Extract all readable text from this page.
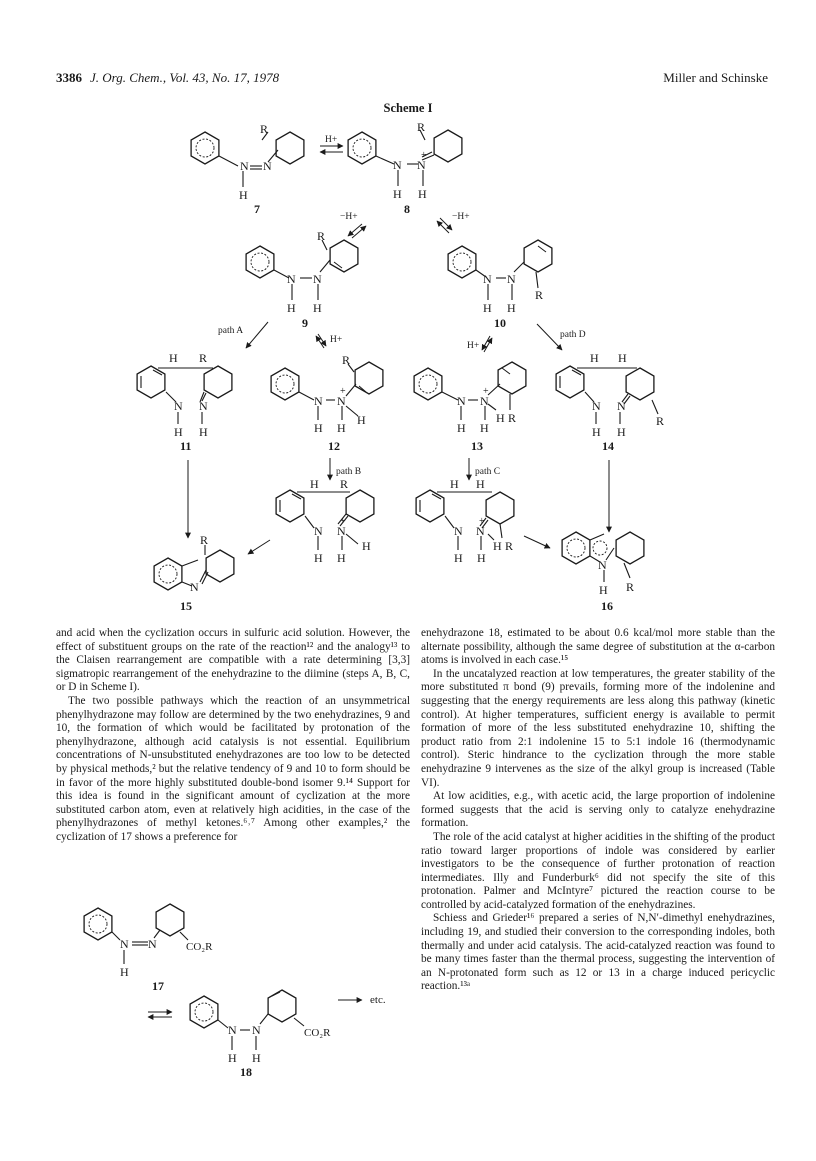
3386 J. Org. Chem., Vol. 43, No. 17, 1978	Miller and Schinske
Scheme I
N N
H
R
7
H+
N N
+
H H
R
8
−H+	−H+
N N
H H
R
9
N N
H H
R
10
path A
H+
H+
path D
H R
N N
H H
11
N N
+
H H
H
R
12
N N
+
H H
H R
13
H H
N N
H H
R
14
path B	path C
H R
N N
+
H H
H
H H
N N
+
H H
H R
R
N
15
N
H R
16
N N
H
CO₂R
17
N N
H H
CO₂R
18
etc.

and acid when the cyclization occurs in sulfuric acid solution. However, the effect of substituent groups on the rate of the reaction¹² and the analogy¹³ to the Claisen rearrangement are compatible with a rate determining [3,3] sigmatropic rearrangement of the enehydrazine to the diimine (steps A, B, C, or D in Scheme I).

The two possible pathways which the reaction of an unsymmetrical phenylhydrazone may follow are determined by the two enehydrazines, 9 and 10, the formation of which would be facilitated by protonation of the phenylhydrazone, although acid catalysis is not essential. Equilibrium concentrations of N-unsubstituted enehydrazones are too low to be detected by physical methods,² but the relative tendency of 9 and 10 to form should be in favor of the more highly substituted double-bond isomer 9.¹⁴ Support for this idea is found in the significant amount of cyclization at the more substituted carbon atom, even at relatively high acidities, in the case of the phenylhydrazones of methyl ketones.⁶˒⁷ Among other examples,² the cyclization of 17 shows a preference for

enehydrazone 18, estimated to be about 0.6 kcal/mol more stable than the alternate possibility, although the same degree of substitution at the α-carbon atoms is involved in each case.¹⁵

In the uncatalyzed reaction at low temperatures, the greater stability of the more substituted π bond (9) prevails, forming more of the indolenine and suggesting that the energy requirements are less along this pathway (kinetic control). At higher temperatures, sufficient energy is available to permit formation of more of the less substituted enehydrazine 10, shifting the product ratio from 2:1 indolenine 15 to 5:1 indole 16 (thermodynamic control). Steric hindrance to the cyclization through the more stable enehydrazine 9 intervenes as the size of the alkyl group is increased (Table VI).

At low acidities, e.g., with acetic acid, the large proportion of indolenine formed suggests that the acid is serving only to catalyze enehydrazine formation.

The role of the acid catalyst at higher acidities in the shifting of the product ratio toward larger proportions of indole was considered by earlier investigators to be the consequence of further protonation of reaction intermediates. Illy and Funderburk⁶ did not specify the site of this protonation. Palmer and McIntyre⁷ pictured the reaction course to be controlled by acid-catalyzed formation of the enehydrazines.

Schiess and Grieder¹⁶ prepared a series of N,N′-dimethyl enehydrazines, including 19, and studied their conversion to the corresponding indoles, both thermally and under acid catalysis. The acid-catalyzed reaction was found to be many times faster than the thermal process, suggesting the intervention of an N-protonated form such as 12 or 13 in a charge induced pericyclic reaction.¹³ᵃ
